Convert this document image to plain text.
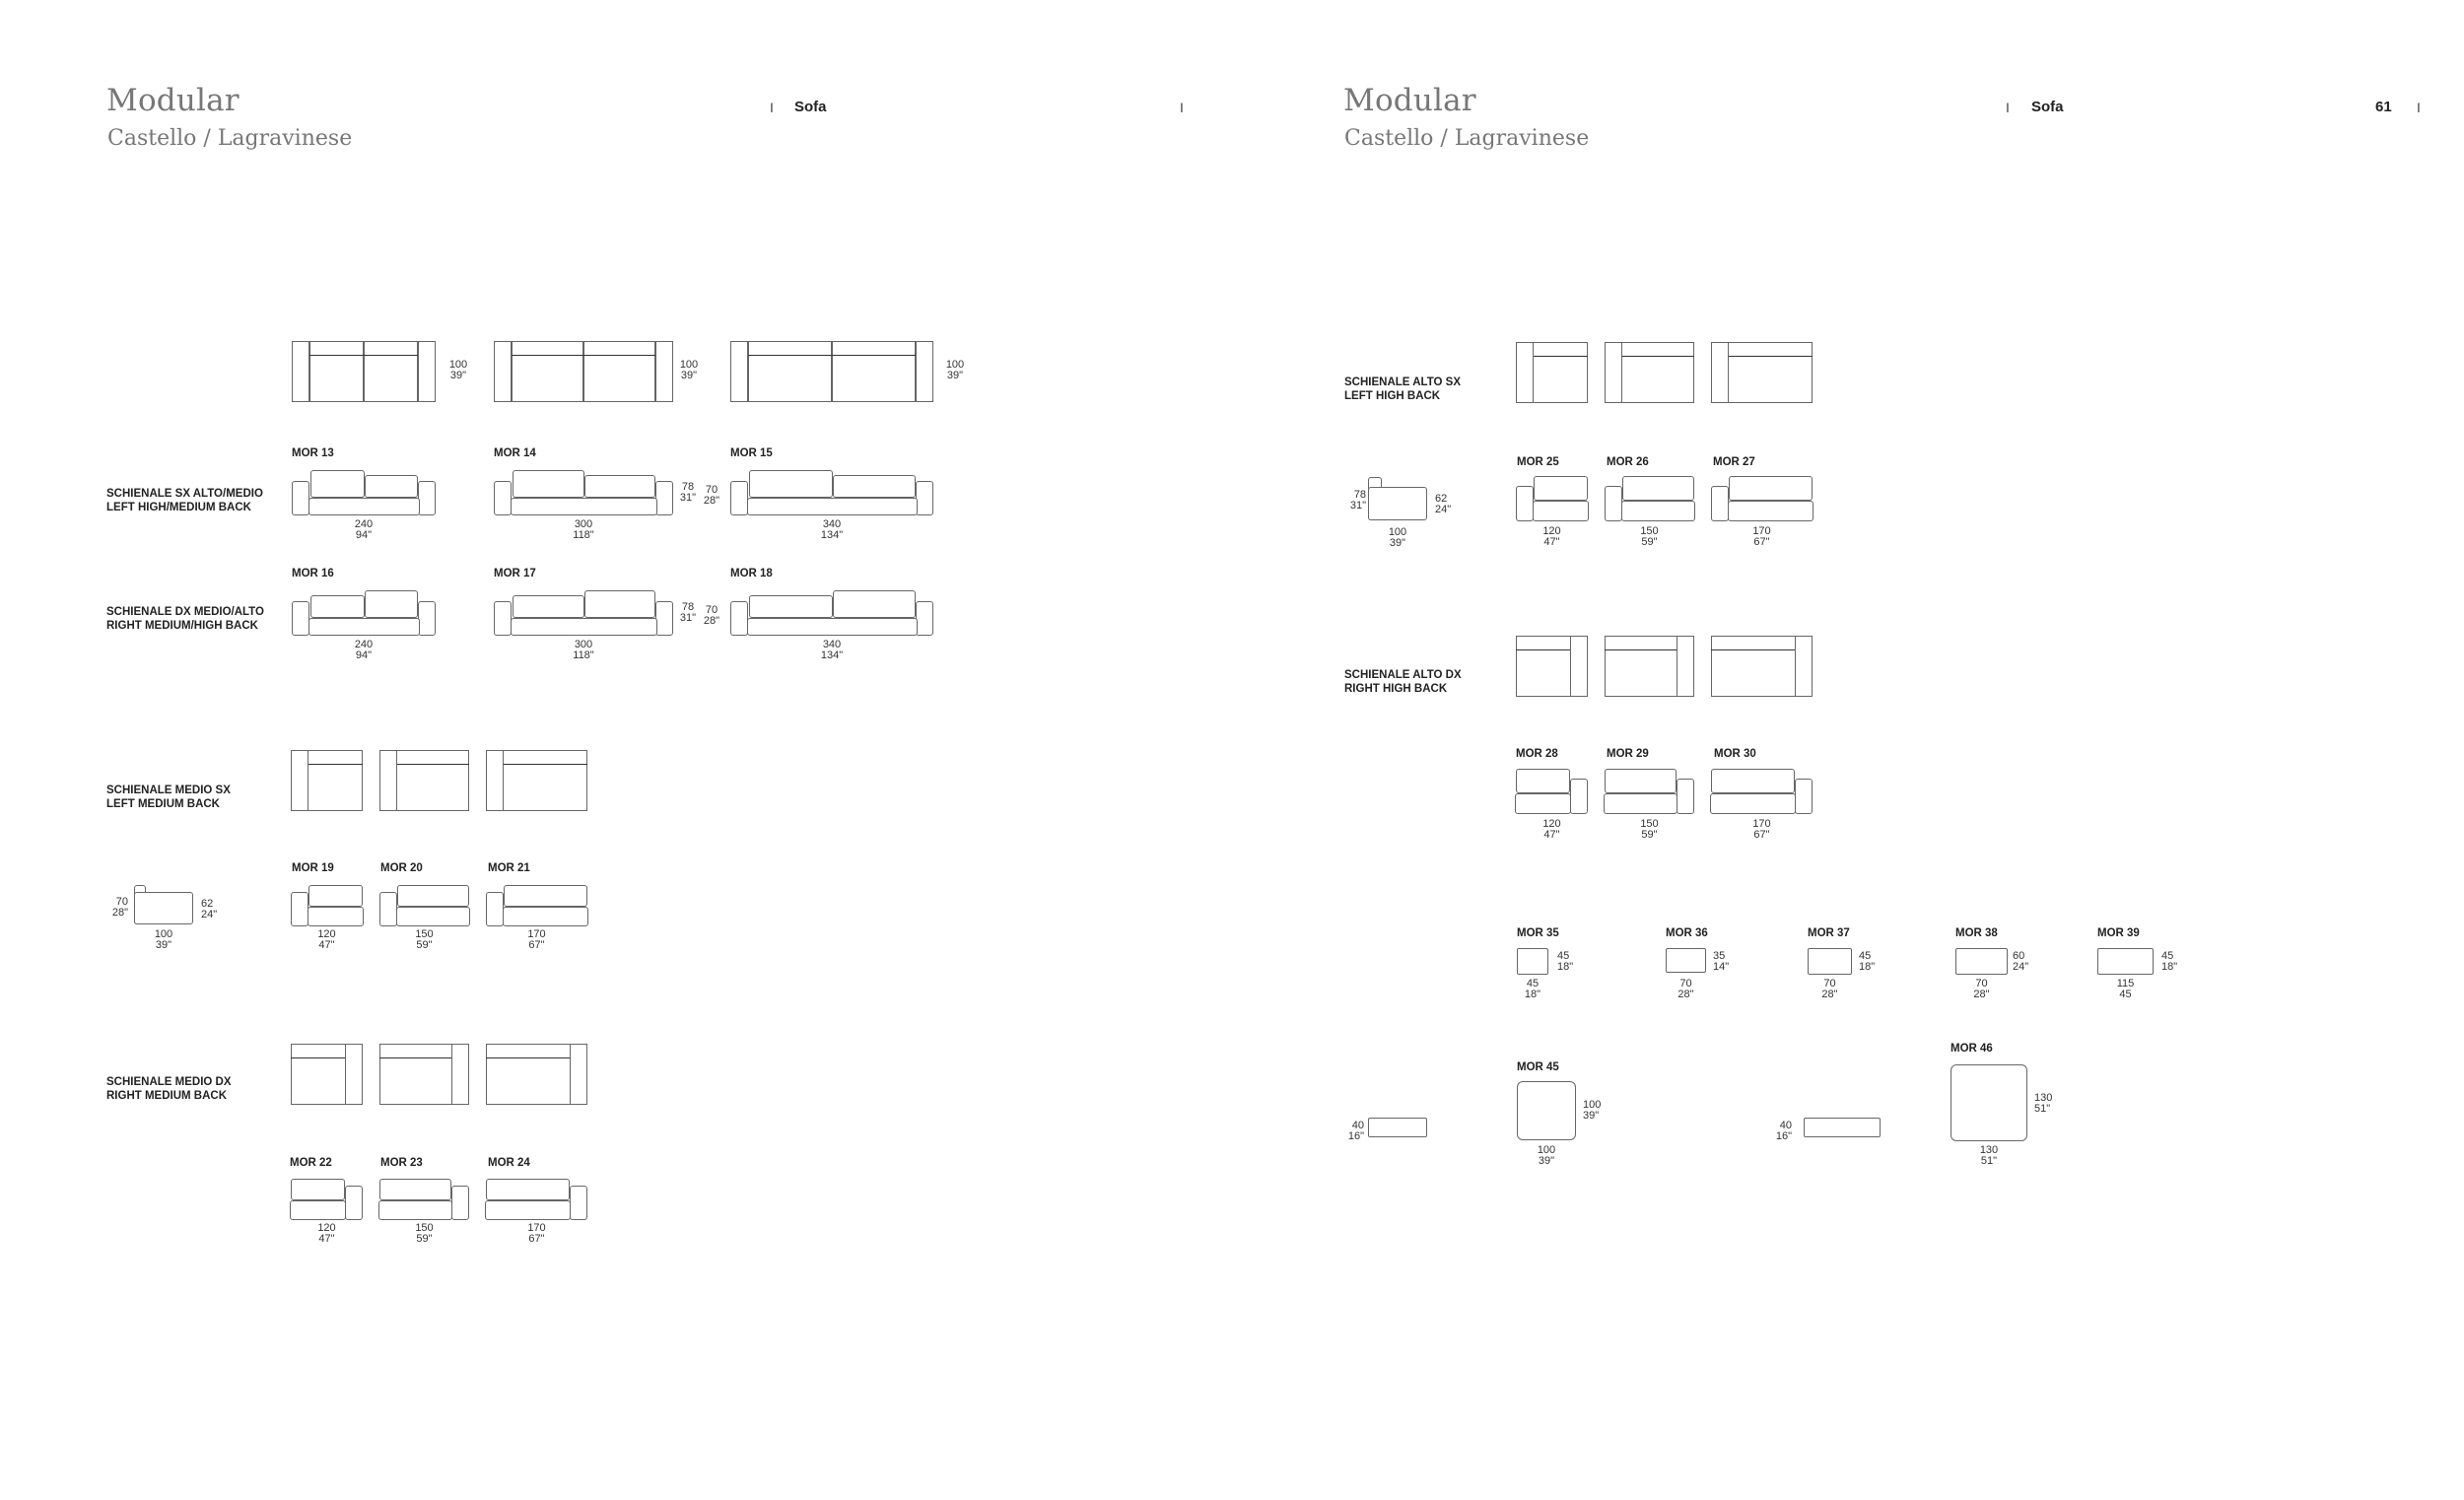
Modular
Castello / Lagravinese
I Sofa	I	Modular
Castello / Lagravinese
I Sofa	61 I
100
39"
100
39"
100
39"
SCHIENALE SX ALTO/MEDIO
LEFT HIGH/MEDIUM BACK
MOR 13
240
94"
MOR 14
300
118"
78
31"
70
28"
MOR 15
340
134"
SCHIENALE DX MEDIO/ALTO
RIGHT MEDIUM/HIGH BACK
MOR 16
240
94"
MOR 17
300
118"
78
31"
70
28"
MOR 18
340
134"
SCHIENALE MEDIO SX
LEFT MEDIUM BACK
70
28"
62
24"
100
39"
MOR 19
120
47"
MOR 20
150
59"
MOR 21
170
67"
SCHIENALE MEDIO DX
RIGHT MEDIUM BACK
MOR 22
120
47"
MOR 23
150
59"
MOR 24
170
67"
SCHIENALE ALTO SX
LEFT HIGH BACK
78
31"
62
24"
100
39"
MOR 25
120
47"
MOR 26
150
59"
MOR 27
170
67"
SCHIENALE ALTO DX
RIGHT HIGH BACK
MOR 28
120
47"
MOR 29
150
59"
MOR 30
170
67"
MOR 35
45
18"
45
18"
MOR 36
35
14"
70
28"
MOR 37
45
18"
70
28"
MOR 38
60
24"
70
28"
MOR 39
45
18"
115
45
40
16"
MOR 45
100
39"
100
39"
40
16"
MOR 46
130
51"
130
51"
